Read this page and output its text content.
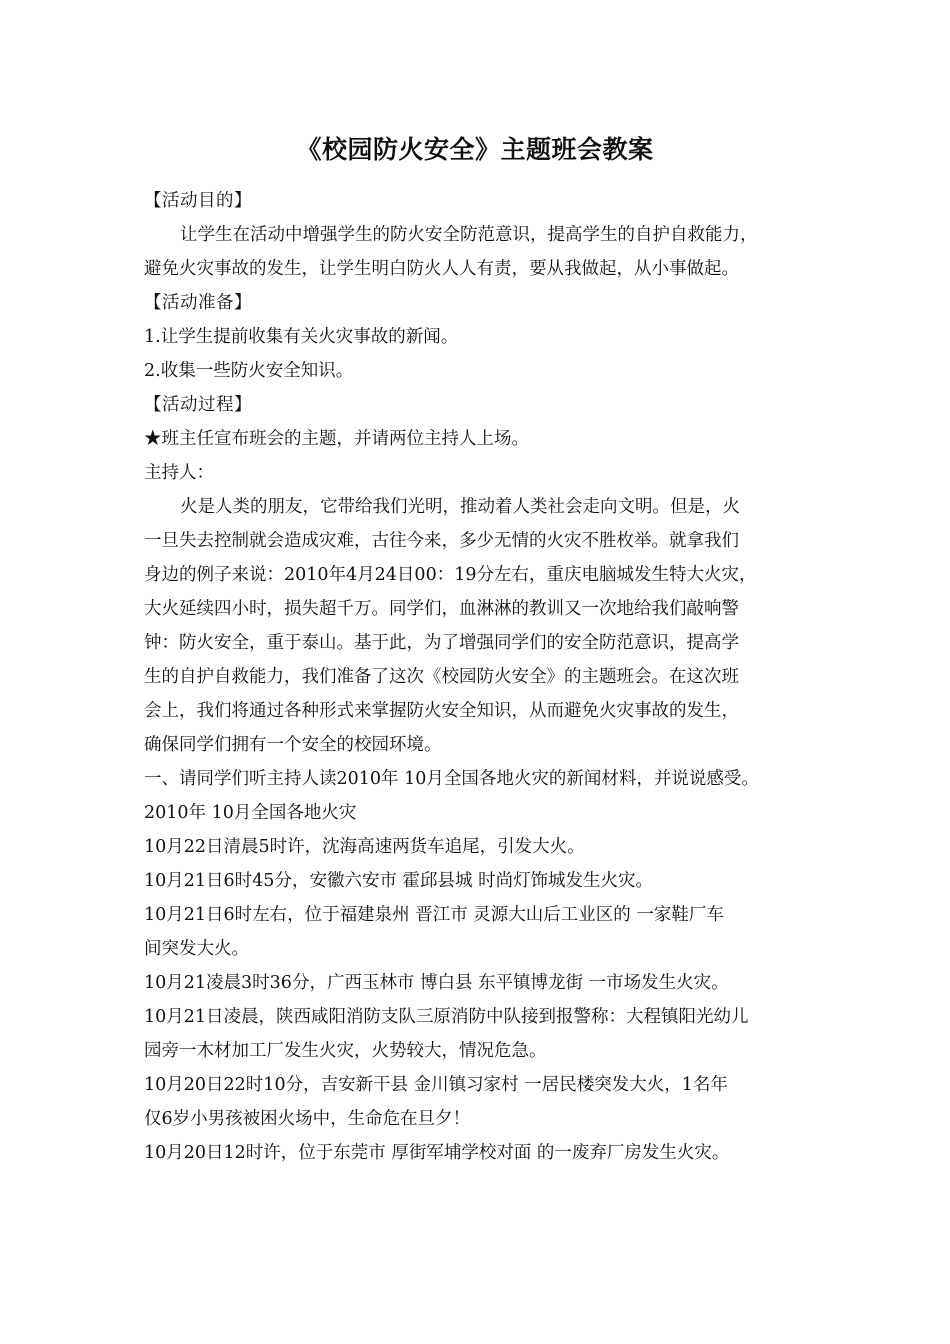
《校园防火安全》主题班会教案

【活动目的】

让学生在活动中增强学生的防火安全防范意识，提高学生的自护自救能力，

避免火灾事故的发生，让学生明白防火人人有责，要从我做起，从小事做起。

【活动准备】

1.让学生提前收集有关火灾事故的新闻。

2.收集一些防火安全知识。

【活动过程】

★班主任宣布班会的主题，并请两位主持人上场。

主持人：

火是人类的朋友，它带给我们光明，推动着人类社会走向文明。但是，火

一旦失去控制就会造成灾难，古往今来，多少无情的火灾不胜枚举。就拿我们

身边的例子来说：2010年4月24日00：19分左右，重庆电脑城发生特大火灾，

大火延续四小时，损失超千万。同学们，血淋淋的教训又一次地给我们敲响警

钟：防火安全，重于泰山。基于此，为了增强同学们的安全防范意识，提高学

生的自护自救能力，我们准备了这次《校园防火安全》的主题班会。在这次班

会上，我们将通过各种形式来掌握防火安全知识，从而避免火灾事故的发生，

确保同学们拥有一个安全的校园环境。

一、请同学们听主持人读2010年 10月全国各地火灾的新闻材料，并说说感受。

2010年 10月全国各地火灾

10月22日清晨5时许，沈海高速两货车追尾，引发大火。

10月21日6时45分，安徽六安市 霍邱县城 时尚灯饰城发生火灾。

10月21日6时左右，位于福建泉州 晋江市 灵源大山后工业区的 一家鞋厂车

间突发大火。

10月21凌晨3时36分，广西玉林市 博白县 东平镇博龙街 一市场发生火灾。

10月21日凌晨，陕西咸阳消防支队三原消防中队接到报警称：大程镇阳光幼儿

园旁一木材加工厂发生火灾，火势较大，情况危急。

10月20日22时10分，吉安新干县 金川镇习家村 一居民楼突发大火，1名年

仅6岁小男孩被困火场中，生命危在旦夕！

10月20日12时许，位于东莞市 厚街军埔学校对面 的一废弃厂房发生火灾。
